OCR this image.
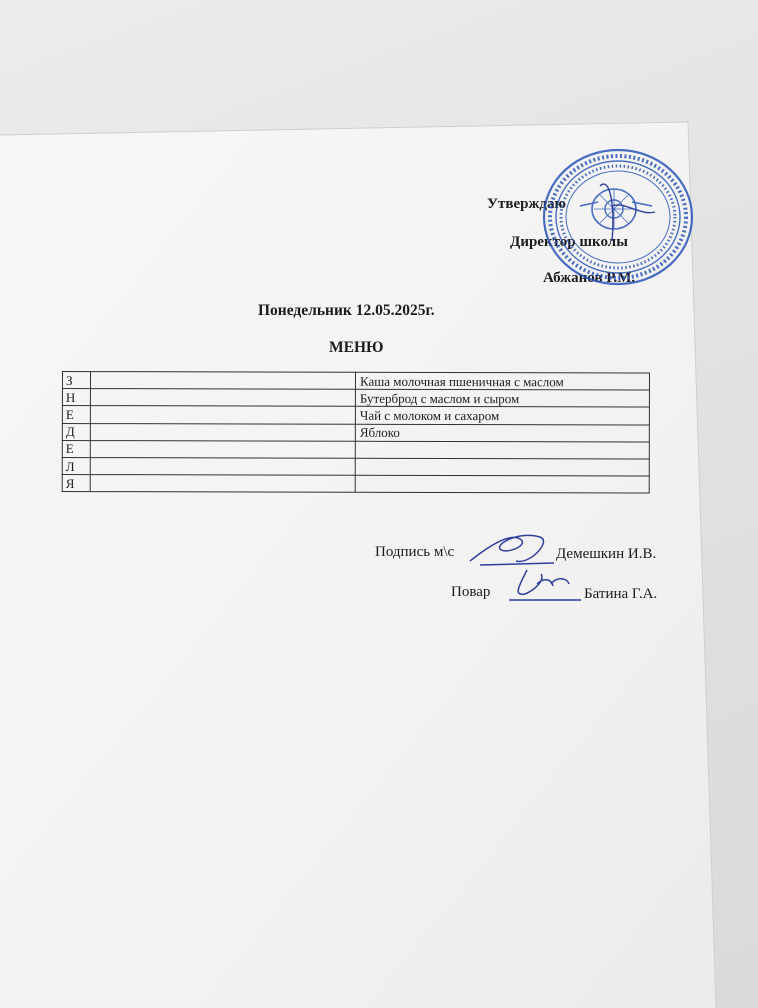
Утверждаю
Директор школы
Абжанов Р.М.
Понедельник 12.05.2025г.
МЕНЮ
З		Каша молочная пшеничная с маслом
Н		Бутерброд с маслом и сыром
Е		Чай с молоком и сахаром
Д		Яблоко
Е		
Л		
Я		
Подпись м\с	Демешкин И.В.
Повар	Батина Г.А.
